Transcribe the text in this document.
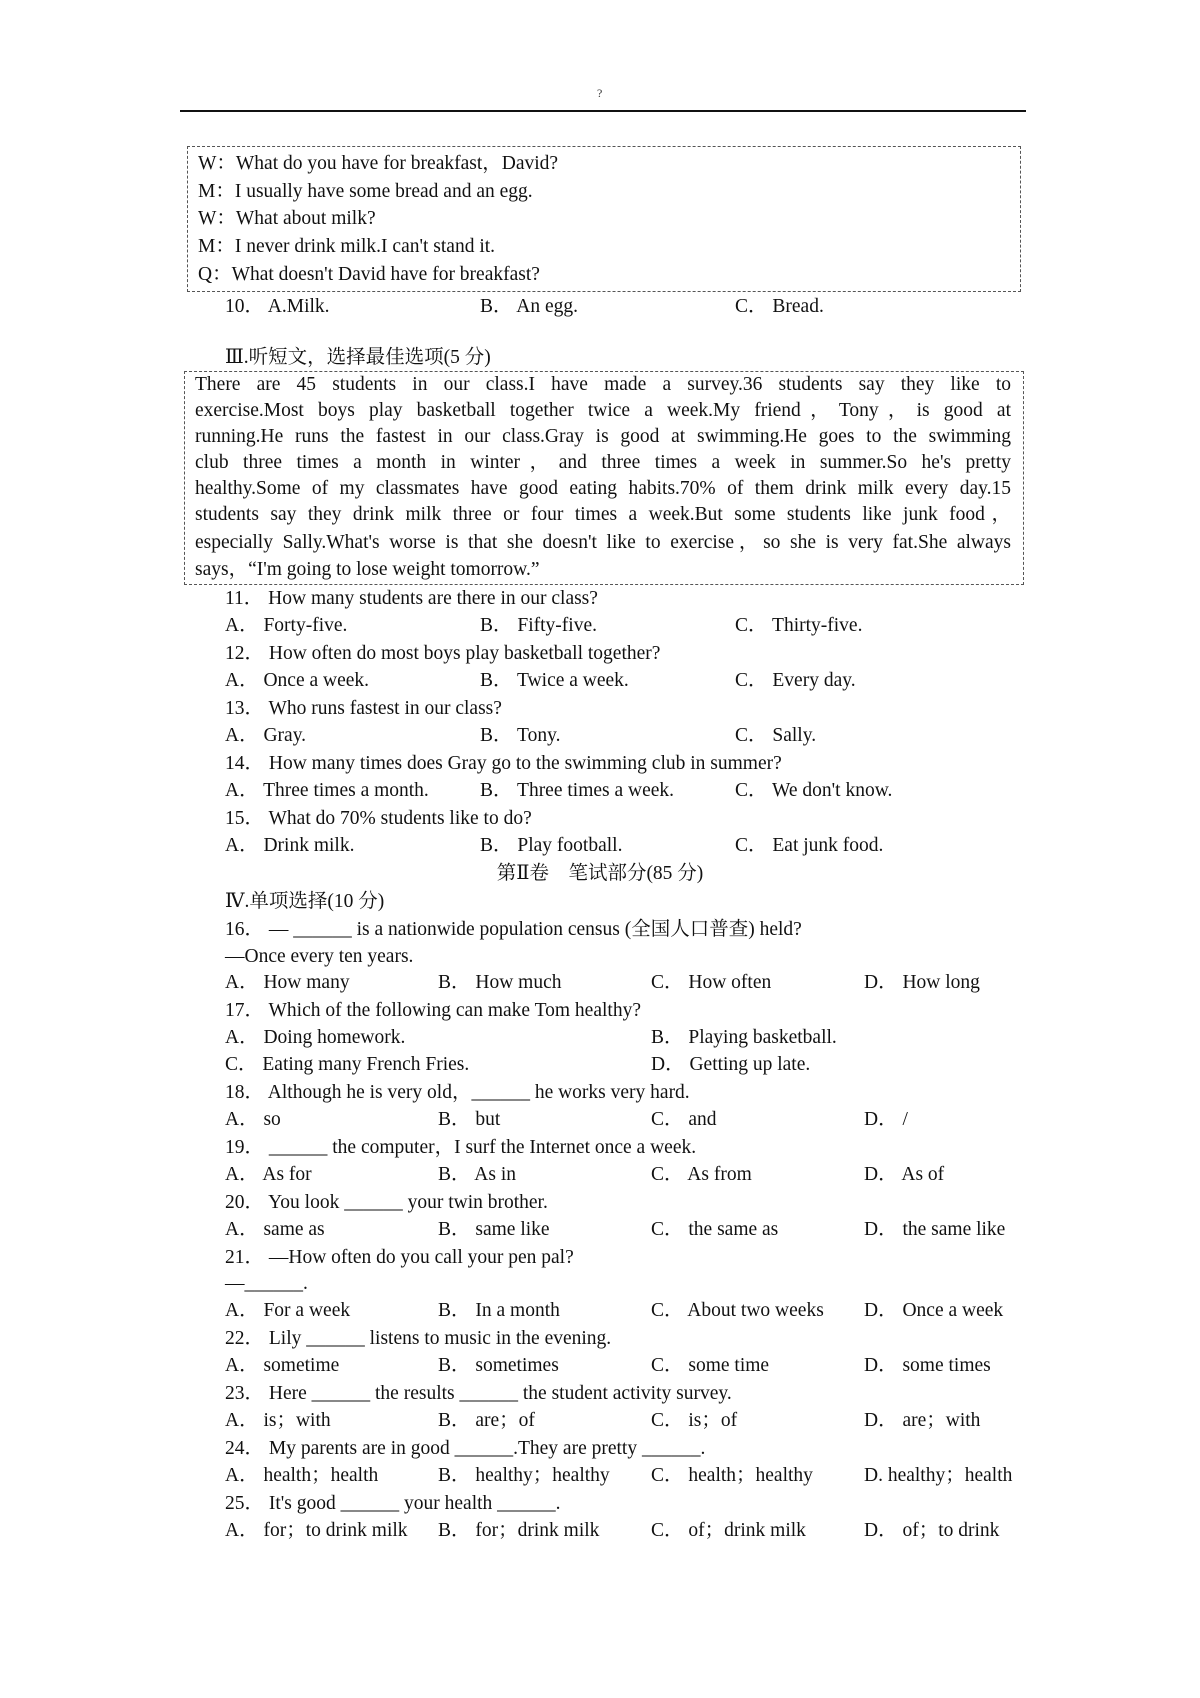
?
W：What do you have for breakfast，David?
M：I usually have some bread and an egg.
W：What about milk?
M：I never drink milk.I can't stand it.
Q：What doesn't David have for breakfast?
10． A.Milk.	B． An egg.	C． Bread.
Ⅲ.听短文，选择最佳选项(5 分)
There are 45 students in our class.I have made a survey.36 students say they like to
exercise.Most boys play basketball together twice a week.My friend，Tony，is good at
running.He runs the fastest in our class.Gray is good at swimming.He goes to the swimming
club three times a month in winter，and three times a week in summer.So he's pretty
healthy.Some of my classmates have good eating habits.70% of them drink milk every day.15
students say they drink milk three or four times a week.But some students like junk food，
especially Sally.What's worse is that she doesn't like to exercise，so she is very fat.She always
says，“I'm going to lose weight tomorrow.”
11． How many students are there in our class?
A． Forty-five.	B． Fifty-five.	C． Thirty-five.
12． How often do most boys play basketball together?
A． Once a week.	B． Twice a week.	C． Every day.
13． Who runs fastest in our class?
A． Gray.	B． Tony.	C． Sally.
14． How many times does Gray go to the swimming club in summer?
A． Three times a month.	B． Three times a week.	C． We don't know.
15． What do 70% students like to do?
A． Drink milk.	B． Play football.	C． Eat junk food.
第Ⅱ卷　笔试部分(85 分)
Ⅳ.单项选择(10 分)
16． — ______ is a nationwide population census (全国人口普查) held?
—Once every ten years.
A． How many	B． How much	C． How often	D． How long
17． Which of the following can make Tom healthy?
A． Doing homework.	B． Playing basketball.
C． Eating many French Fries.	D． Getting up late.
18． Although he is very old，______ he works very hard.
A． so	B． but	C． and	D． /
19． ______ the computer，I surf the Internet once a week.
A． As for	B． As in	C． As from	D． As of
20． You look ______ your twin brother.
A． same as	B． same like	C． the same as	D． the same like
21． —How often do you call your pen pal?
—______.
A． For a week	B． In a month	C． About two weeks D． Once a week
22． Lily ______ listens to music in the evening.
A． sometime	B． sometimes	C． some time	D． some times
23． Here ______ the results ______ the student activity survey.
A． is；with	B． are；of	C． is；of	D． are；with
24． My parents are in good ______.They are pretty ______.
A． health；health	B． healthy；healthy C． health；healthy	D. healthy；health
25． It's good ______ your health ______.
A． for；to drink milk B． for；drink milk	C． of；drink milk	D． of；to drink
